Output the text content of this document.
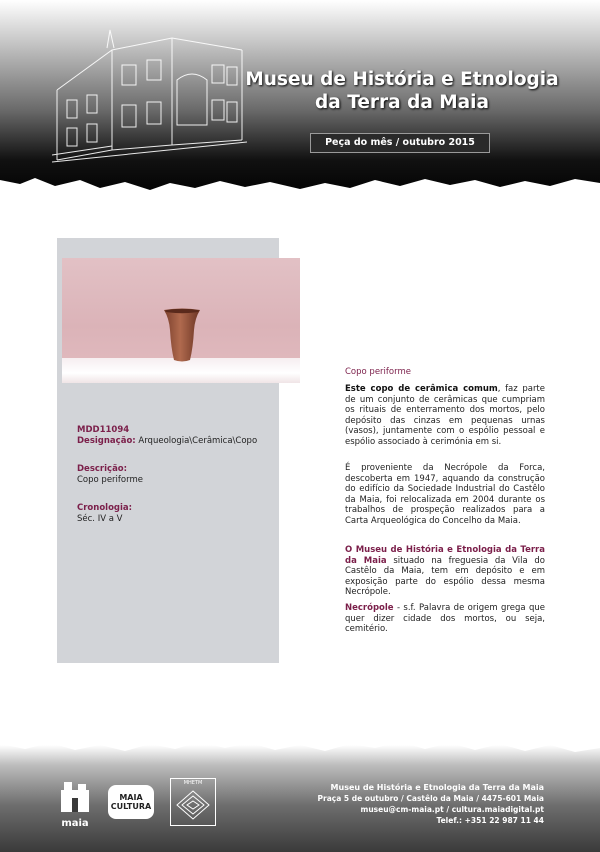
Museu de História e Etnologia
da Terra da Maia
Peça do mês / outubro 2015
MDD11094
Designação: Arqueologia\Cerâmica\Copo
Descrição:
Copo periforme
Cronologia:
Séc. IV a V
Copo periforme
Este copo de cerâmica comum, faz parte de um conjunto de cerâmicas que cumpriam os rituais de enterramento dos mortos, pelo depósito das cinzas em pequenas urnas (vasos), juntamente com o espólio pessoal e espólio associado à cerimónia em si.
É proveniente da Necrópole da Forca, descoberta em 1947, aquando da construção do edifício da Sociedade Industrial do Castêlo da Maia, foi relocalizada em 2004 durante os trabalhos de prospeção realizados para a Carta Arqueológica do Concelho da Maia.
O Museu de História e Etnologia da Terra da Maia situado na freguesia da Vila do Castêlo da Maia, tem em depósito e em exposição parte do espólio dessa mesma Necrópole.
Necrópole - s.f. Palavra de origem grega que quer dizer cidade dos mortos, ou seja, cemitério.
maia
MAIA CULTURA
MHETM	Museu de História e Etnologia da Terra da Maia
Praça 5 de outubro / Castêlo da Maia / 4475-601 Maia
museu@cm-maia.pt / cultura.maiadigital.pt
Telef.: +351 22 987 11 44
